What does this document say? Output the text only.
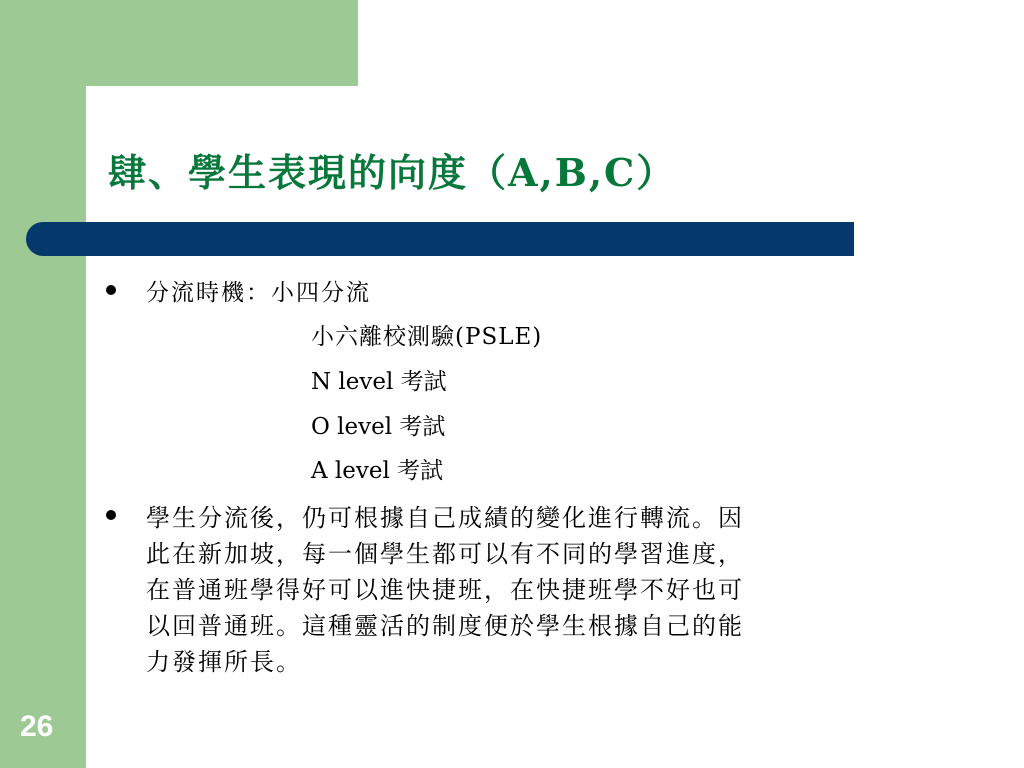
肆、學生表現的向度（A,B,C）
分流時機：小四分流
小六離校測驗(PSLE)
N level 考試
O level 考試
A level 考試
學生分流後，仍可根據自己成績的變化進行轉流。因
此在新加坡，每一個學生都可以有不同的學習進度，
在普通班學得好可以進快捷班，在快捷班學不好也可
以回普通班。這種靈活的制度便於學生根據自己的能
力發揮所長。
26
